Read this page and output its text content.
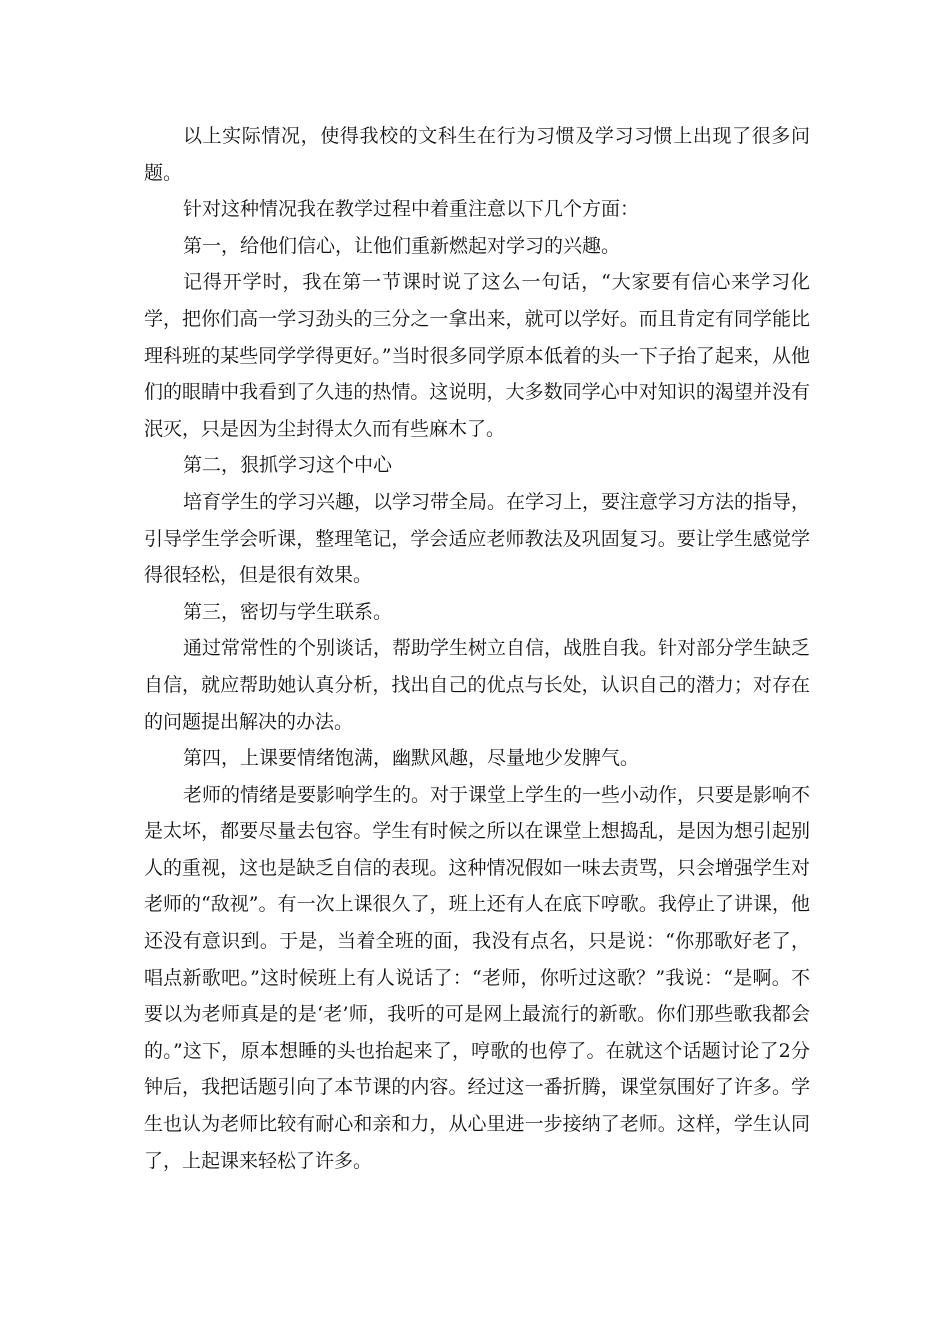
以上实际情况，使得我校的文科生在行为习惯及学习习惯上出现了很多问题。

针对这种情况我在教学过程中着重注意以下几个方面：

第一，给他们信心，让他们重新燃起对学习的兴趣。

记得开学时，我在第一节课时说了这么一句话，“大家要有信心来学习化学，把你们高一学习劲头的三分之一拿出来，就可以学好。而且肯定有同学能比理科班的某些同学学得更好。”当时很多同学原本低着的头一下子抬了起来，从他们的眼睛中我看到了久违的热情。这说明，大多数同学心中对知识的渴望并没有泯灭，只是因为尘封得太久而有些麻木了。

第二，狠抓学习这个中心

培育学生的学习兴趣，以学习带全局。在学习上，要注意学习方法的指导，引导学生学会听课，整理笔记，学会适应老师教法及巩固复习。要让学生感觉学得很轻松，但是很有效果。

第三，密切与学生联系。

通过常常性的个别谈话，帮助学生树立自信，战胜自我。针对部分学生缺乏自信，就应帮助她认真分析，找出自己的优点与长处，认识自己的潜力；对存在的问题提出解决的办法。

第四，上课要情绪饱满，幽默风趣，尽量地少发脾气。

老师的情绪是要影响学生的。对于课堂上学生的一些小动作，只要是影响不是太坏，都要尽量去包容。学生有时候之所以在课堂上想捣乱，是因为想引起别人的重视，这也是缺乏自信的表现。这种情况假如一味去责骂，只会增强学生对老师的“敌视”。有一次上课很久了，班上还有人在底下哼歌。我停止了讲课，他还没有意识到。于是，当着全班的面，我没有点名，只是说：“你那歌好老了，唱点新歌吧。”这时候班上有人说话了：“老师，你听过这歌？”我说：“是啊。不要以为老师真是的是‘老’师，我听的可是网上最流行的新歌。你们那些歌我都会的。”这下，原本想睡的头也抬起来了，哼歌的也停了。在就这个话题讨论了2分钟后，我把话题引向了本节课的内容。经过这一番折腾，课堂氛围好了许多。学生也认为老师比较有耐心和亲和力，从心里进一步接纳了老师。这样，学生认同了，上起课来轻松了许多。
